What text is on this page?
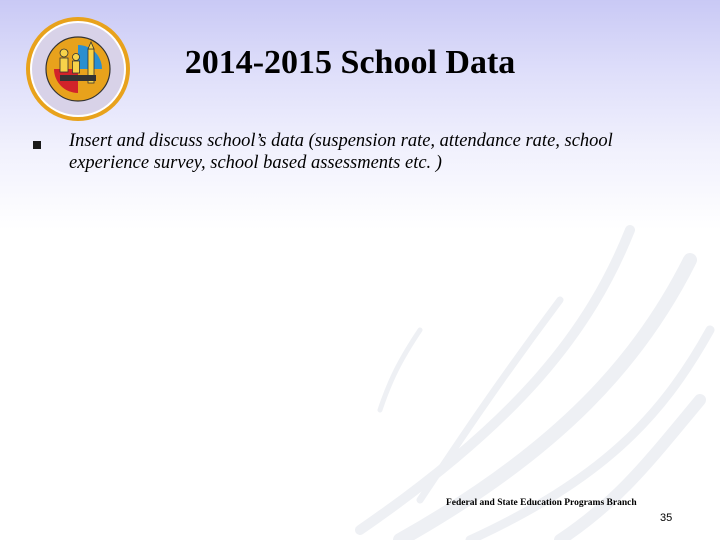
2014-2015 School Data
Insert and discuss school’s data (suspension rate, attendance rate, school experience survey, school based assessments etc. )
Federal and State Education Programs Branch
35
